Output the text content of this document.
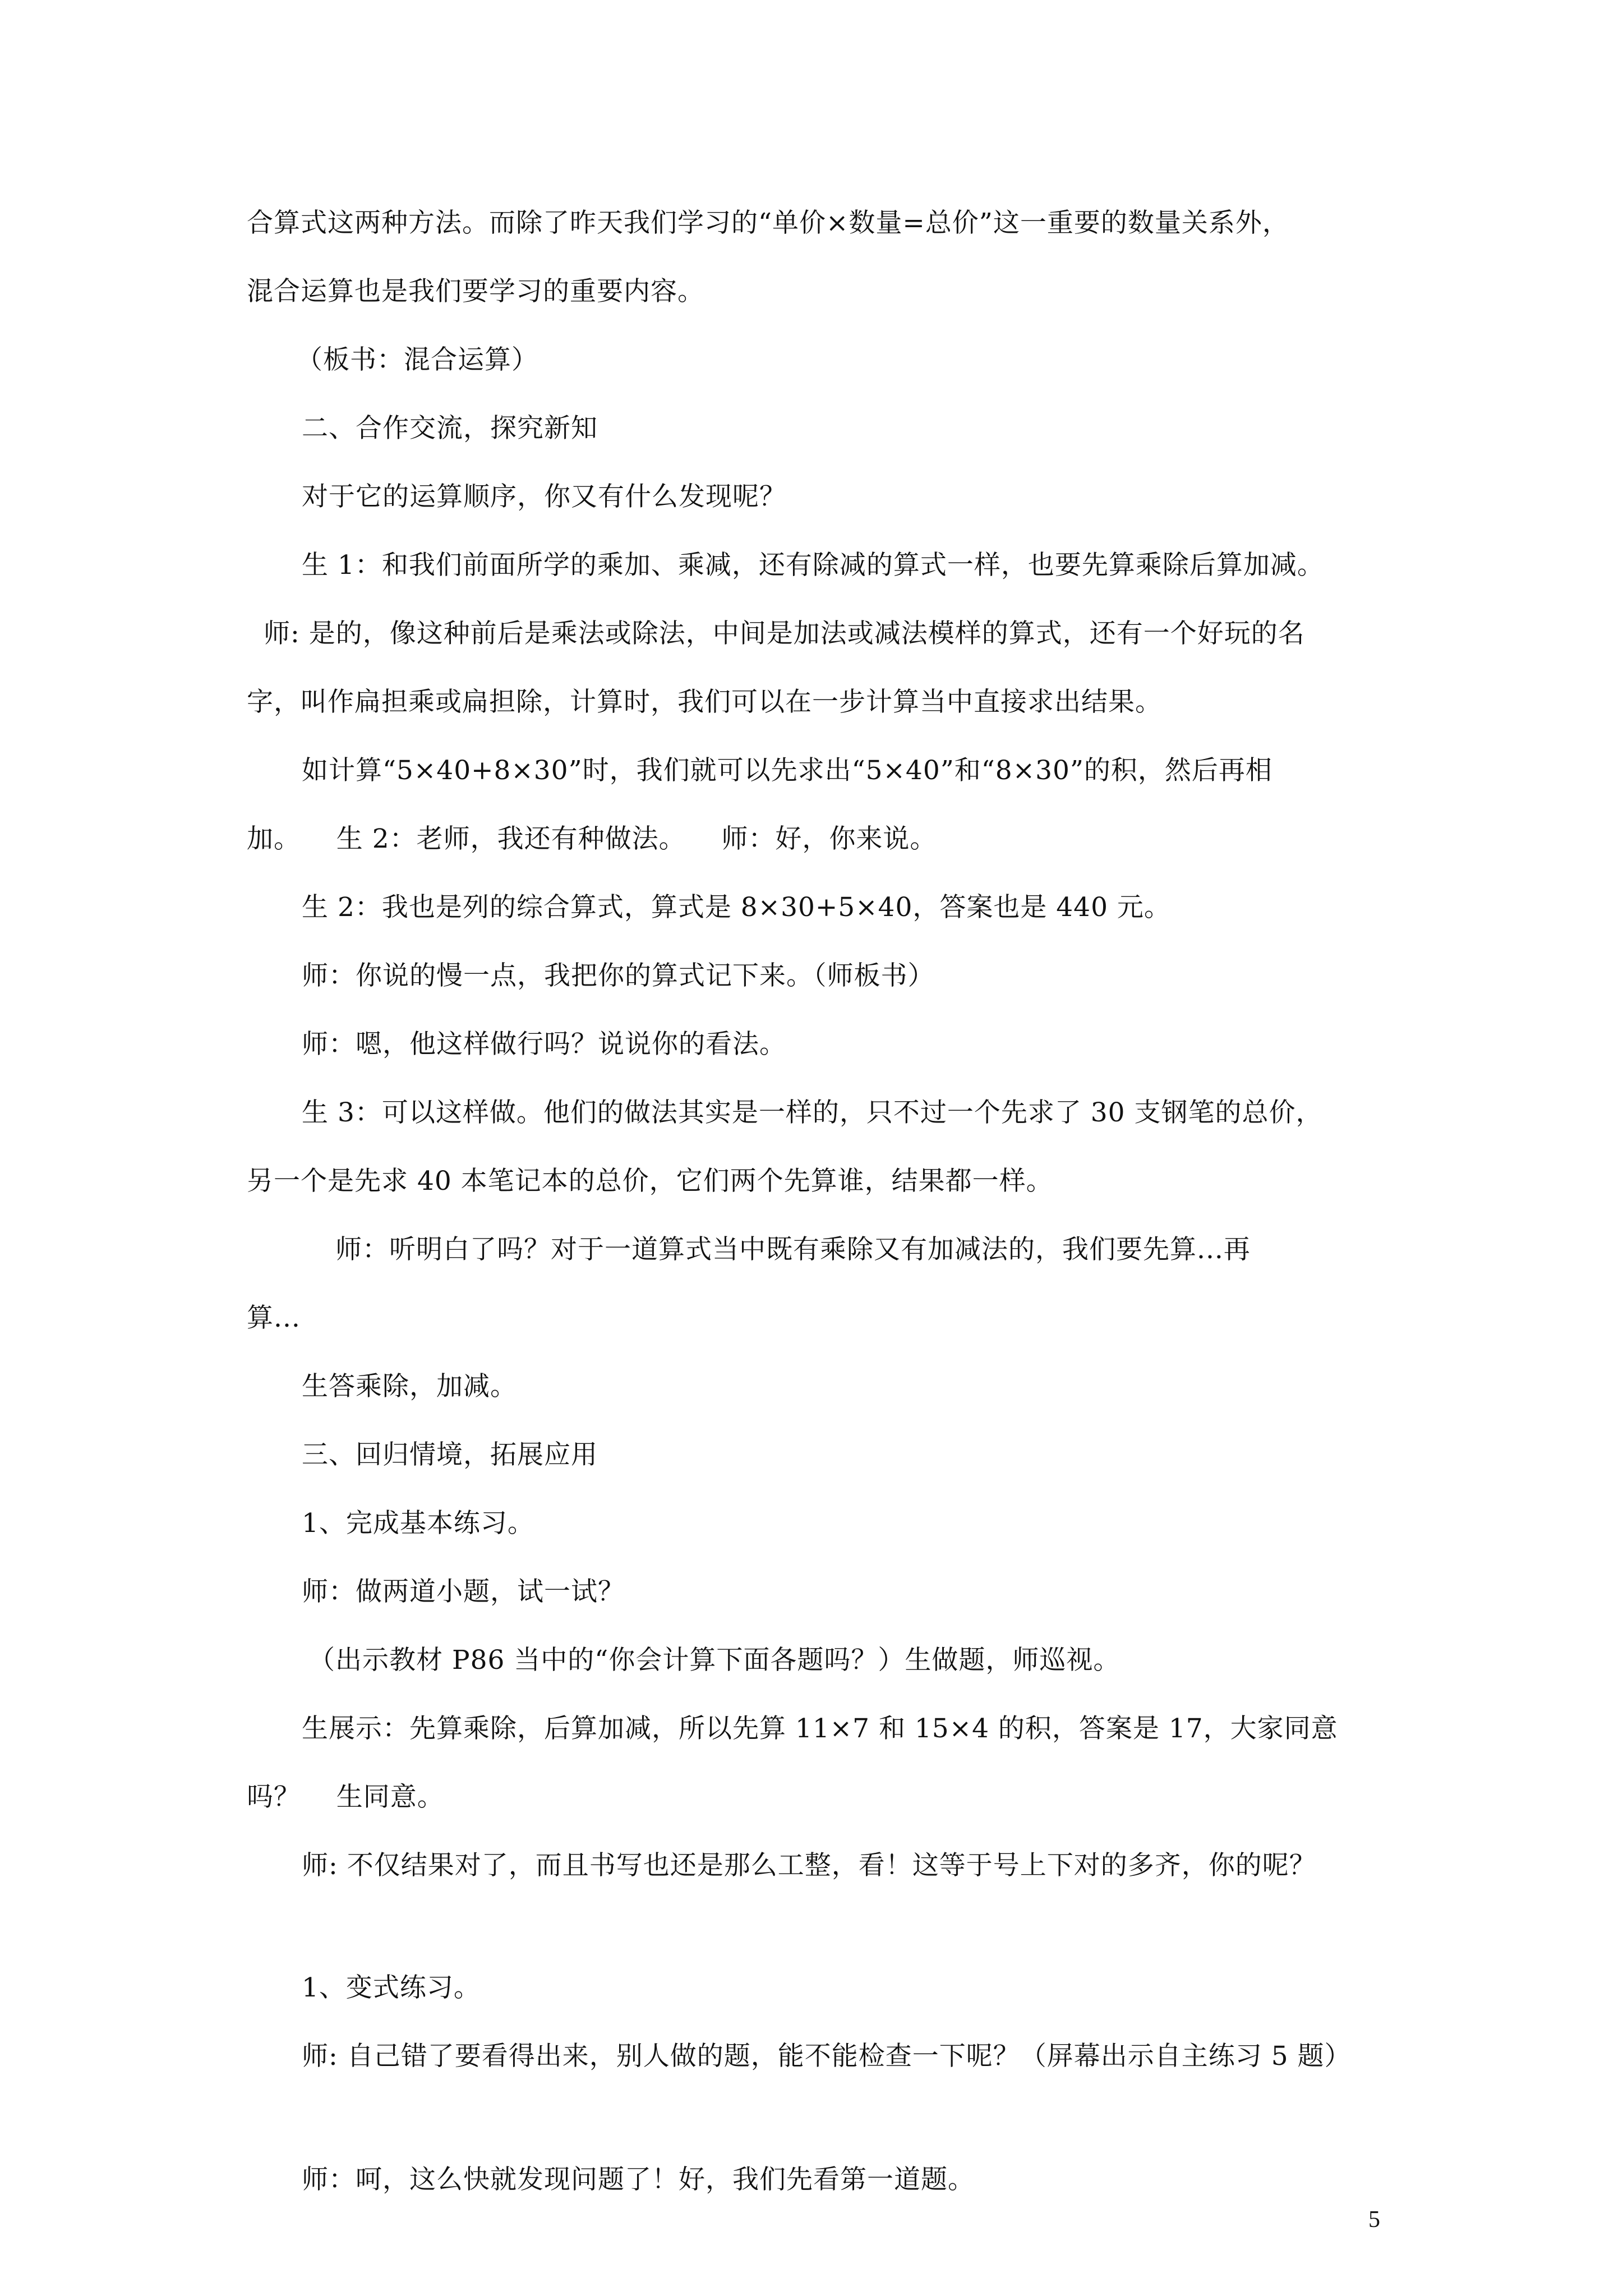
合算式这两种方法。而除了昨天我们学习的“单价×数量=总价”这一重要的数量关系外，
混合运算也是我们要学习的重要内容。
（板书：混合运算）
二、合作交流，探究新知
对于它的运算顺序，你又有什么发现呢？
生 1：和我们前面所学的乘加、乘减，还有除减的算式一样，也要先算乘除后算加减。
师: 是的，像这种前后是乘法或除法，中间是加法或减法模样的算式，还有一个好玩的名
字，叫作扁担乘或扁担除，计算时，我们可以在一步计算当中直接求出结果。
如计算“5×40+8×30”时，我们就可以先求出“5×40”和“8×30”的积，然后再相
加。    生 2：老师，我还有种做法。    师：好，你来说。
生 2：我也是列的综合算式，算式是 8×30+5×40，答案也是 440 元。
师：你说的慢一点，我把你的算式记下来。（师板书）
师：嗯，他这样做行吗？说说你的看法。
生 3：可以这样做。他们的做法其实是一样的，只不过一个先求了 30 支钢笔的总价，
另一个是先求 40 本笔记本的总价，它们两个先算谁，结果都一样。
师：听明白了吗？对于一道算式当中既有乘除又有加减法的，我们要先算...再
算...
生答乘除，加减。
三、回归情境，拓展应用
1、完成基本练习。
师：做两道小题，试一试？
（出示教材 P86 当中的“你会计算下面各题吗？）生做题，师巡视。
生展示：先算乘除，后算加减，所以先算 11×7 和 15×4 的积，答案是 17，大家同意
吗？    生同意。
师: 不仅结果对了，而且书写也还是那么工整，看！这等于号上下对的多齐，你的呢？
1、变式练习。
师: 自己错了要看得出来，别人做的题，能不能检查一下呢？（屏幕出示自主练习 5 题）
师：呵，这么快就发现问题了！好，我们先看第一道题。
5
